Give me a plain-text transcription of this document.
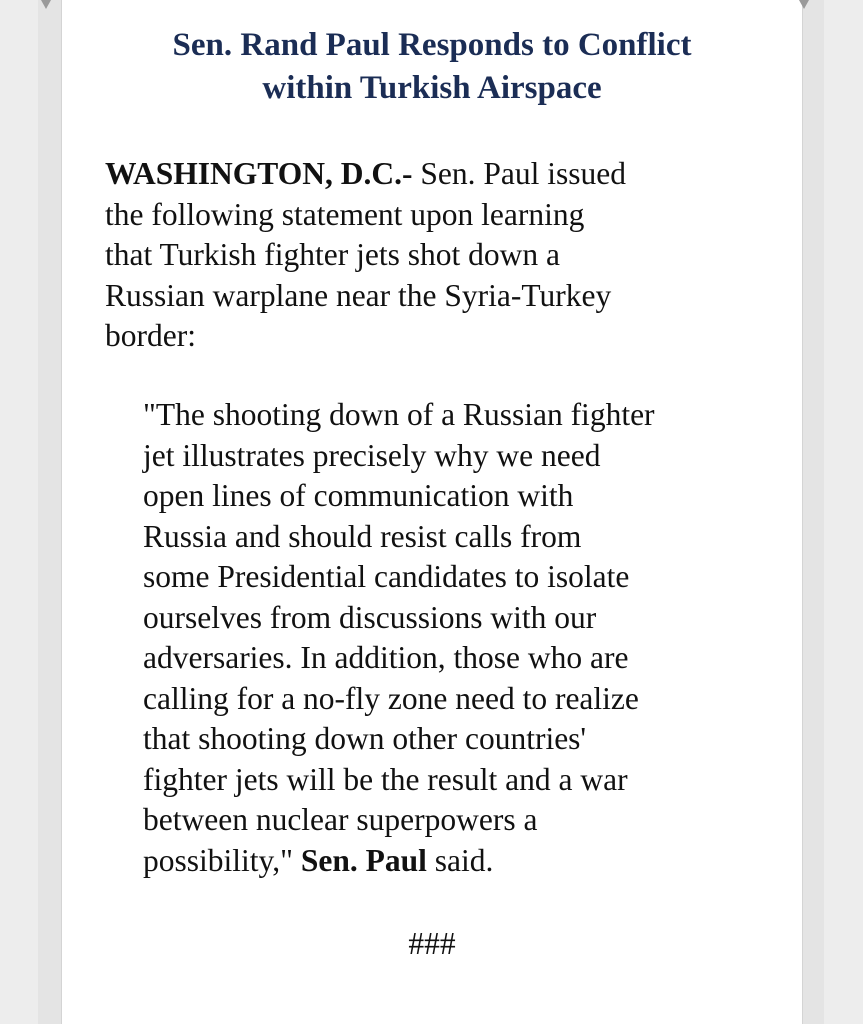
Sen. Rand Paul Responds to Conflict
within Turkish Airspace

WASHINGTON, D.C.- Sen. Paul issued
the following statement upon learning
that Turkish fighter jets shot down a
Russian warplane near the Syria-Turkey
border:

"The shooting down of a Russian fighter
jet illustrates precisely why we need
open lines of communication with
Russia and should resist calls from
some Presidential candidates to isolate
ourselves from discussions with our
adversaries. In addition, those who are
calling for a no-fly zone need to realize
that shooting down other countries'
fighter jets will be the result and a war
between nuclear superpowers a
possibility," Sen. Paul said.

###
